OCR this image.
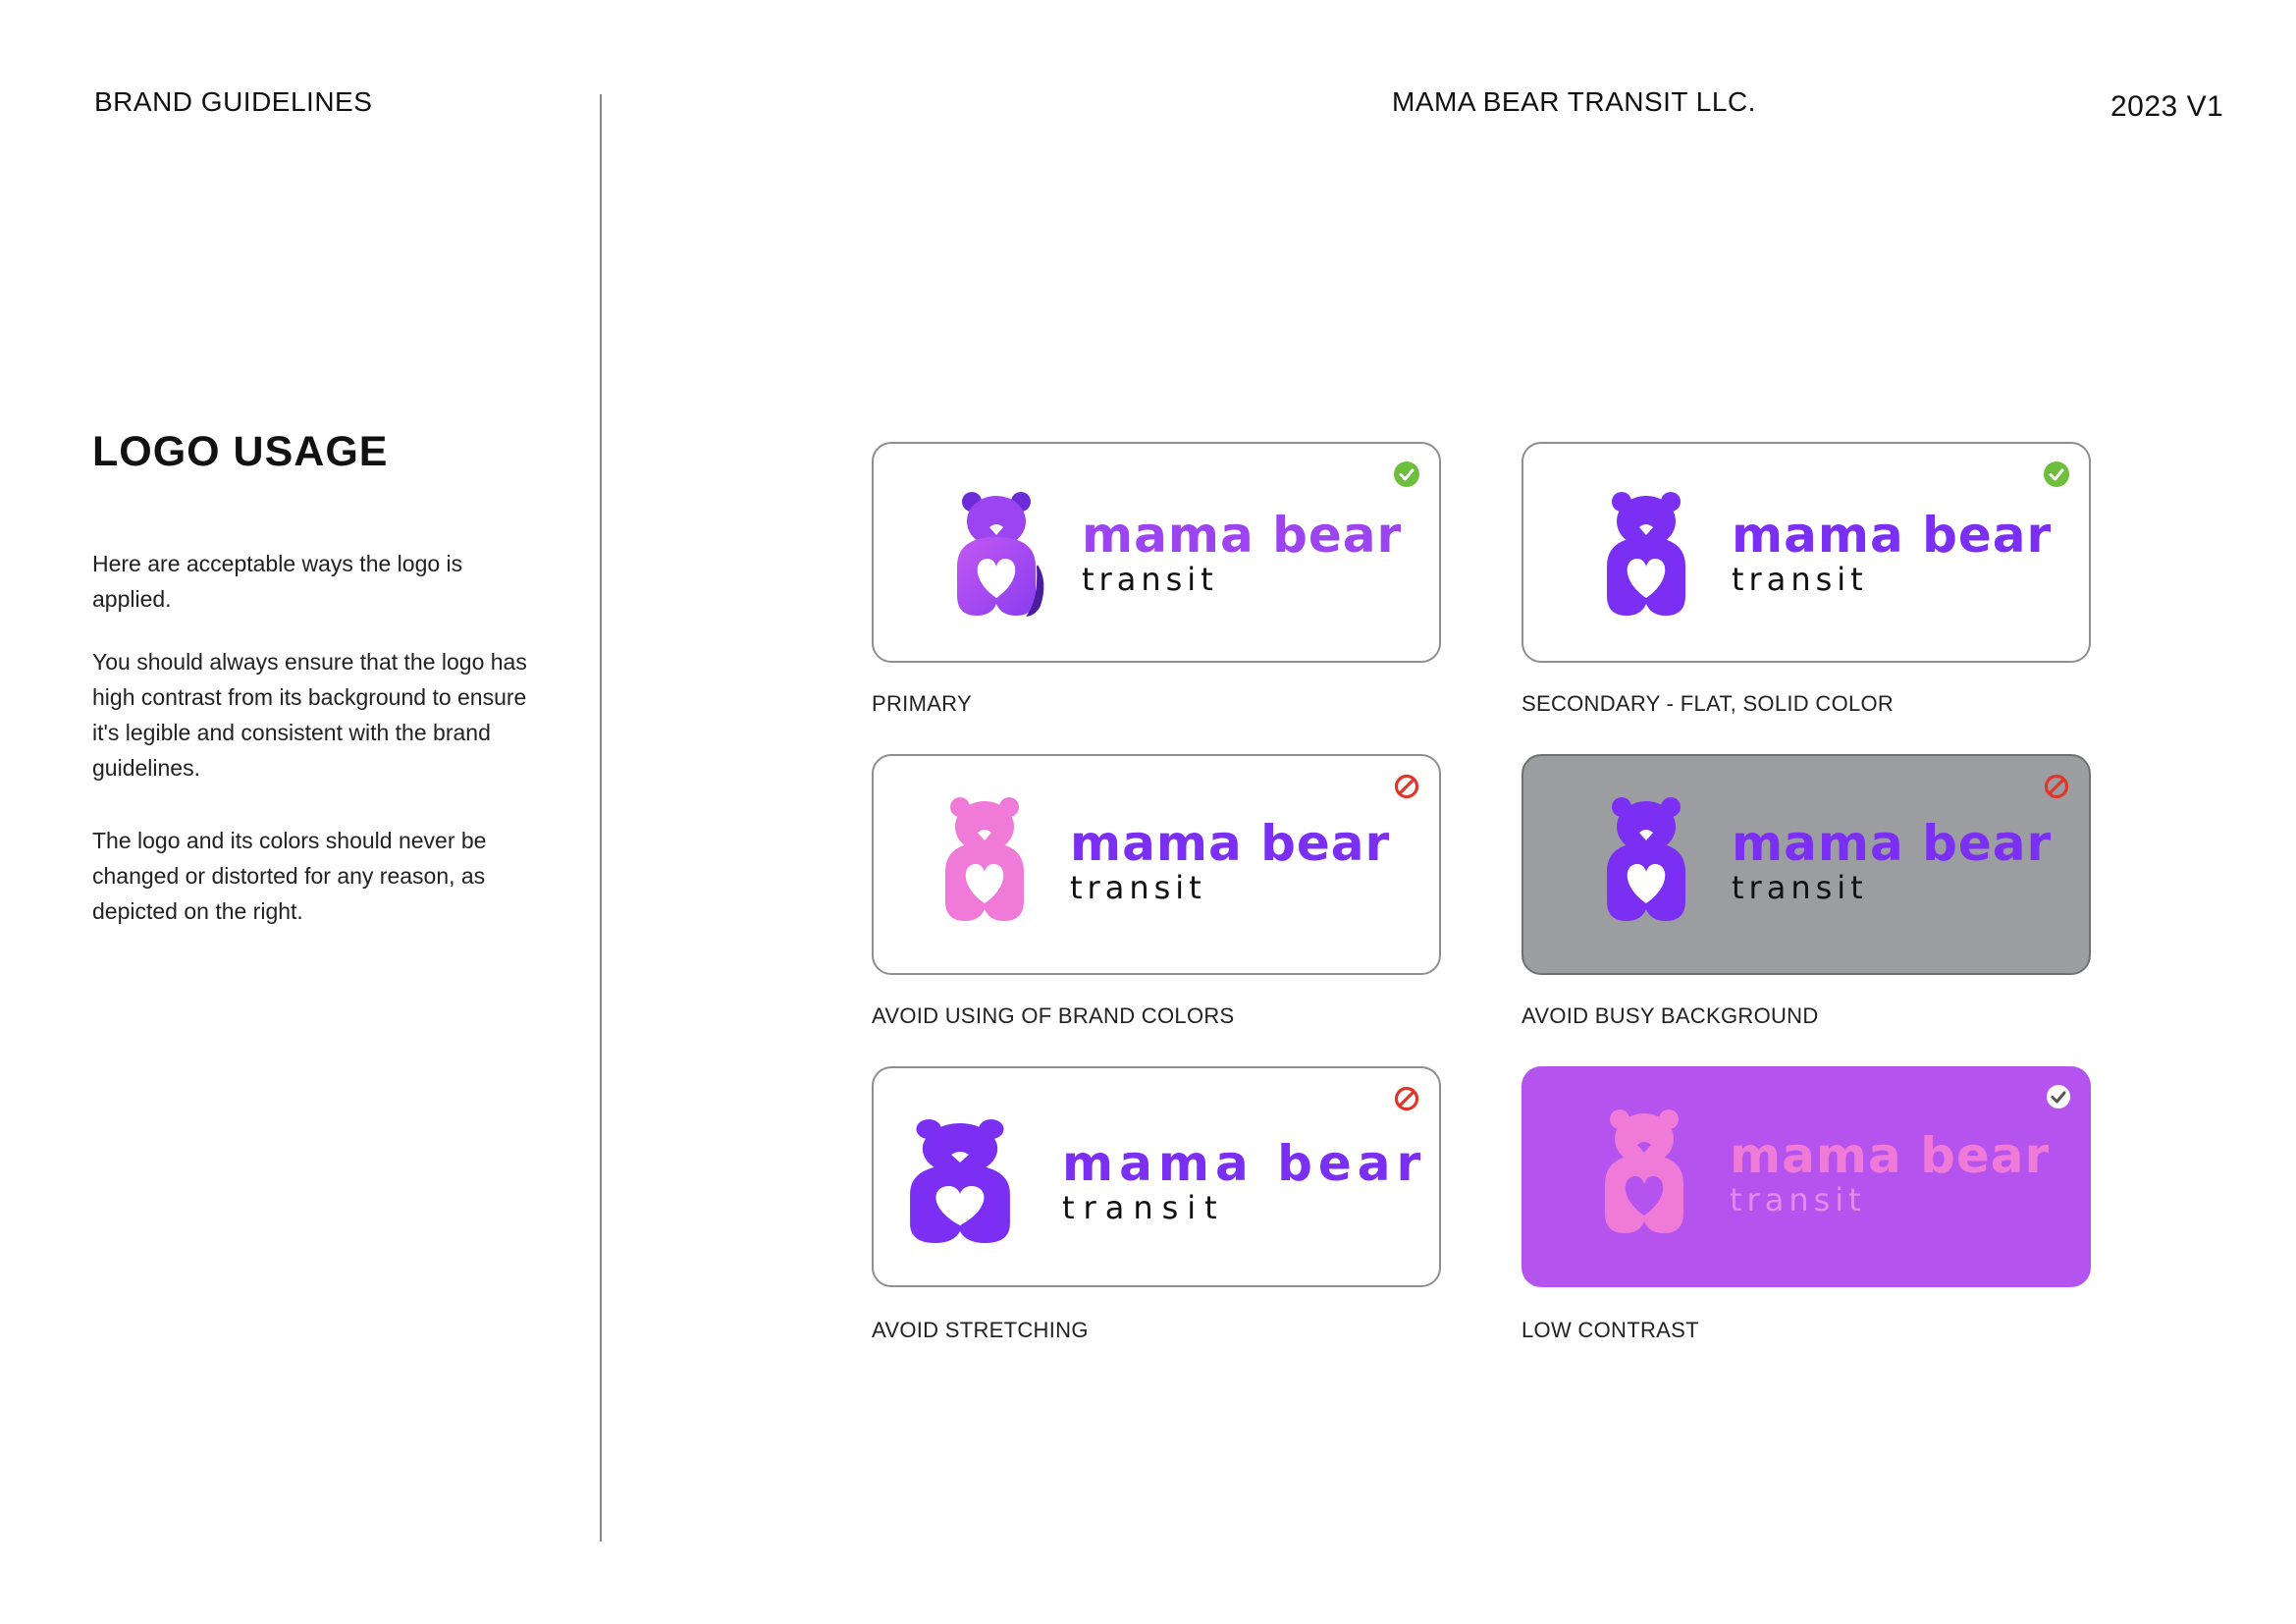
BRAND GUIDELINES	MAMA BEAR TRANSIT LLC.	2023 V1
LOGO USAGE
Here are acceptable ways the logo is applied.
You should always ensure that the logo has high contrast from its background to ensure it's legible and consistent with the brand guidelines.
The logo and its colors should never be changed or distorted for any reason, as depicted on the right.
mama bear
transit
PRIMARY
mama bear
transit
SECONDARY - FLAT, SOLID COLOR
mama bear
transit
AVOID USING OF BRAND COLORS
mama bear
transit
AVOID BUSY BACKGROUND
mama bear
transit
AVOID STRETCHING
mama bear
transit
LOW CONTRAST
